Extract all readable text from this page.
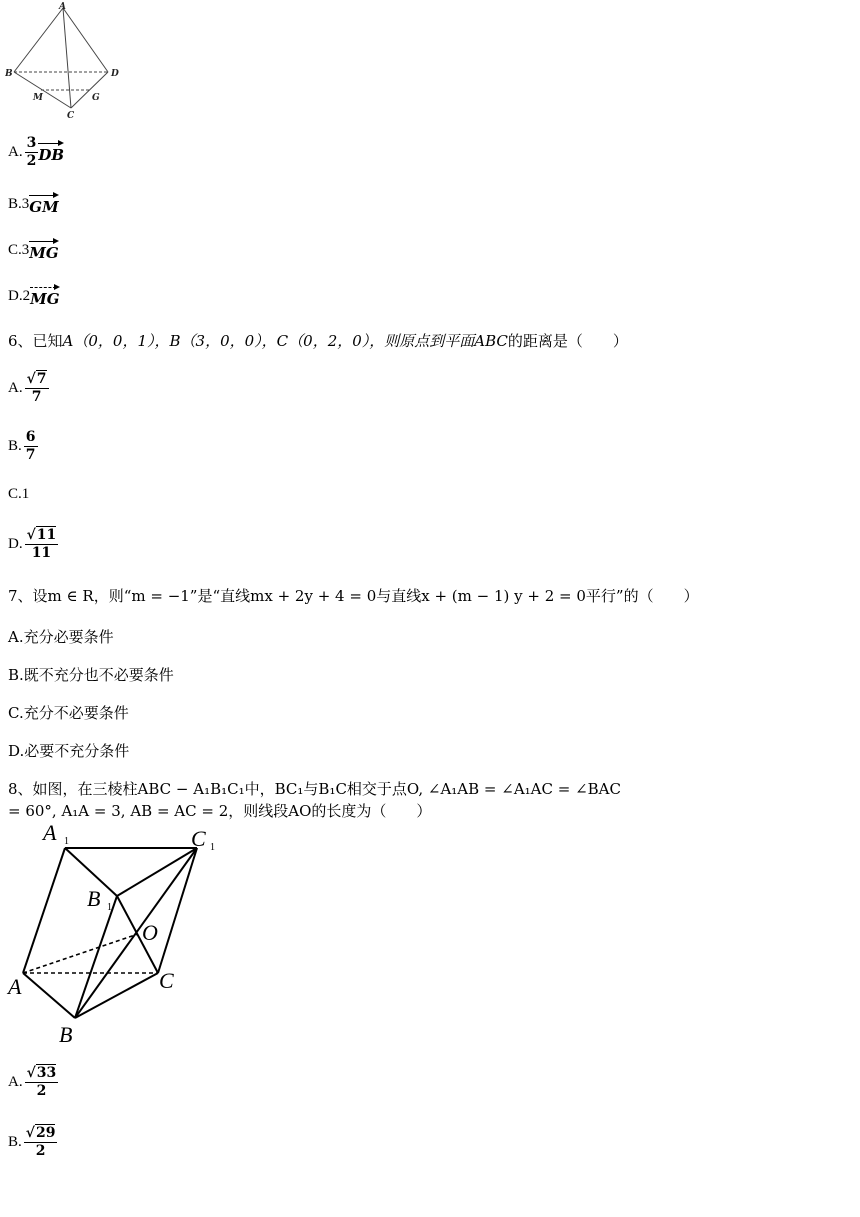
A
B	D
M	G
C
A. $\frac{3}{2}$ DB
B.3 GM
C.3 MG
D.2 MG
6、已知A（0，0，1），B（3，0，0），C（0，2，0），则原点到平面ABC的距离是（　　）
A. $\frac{√7}{7}$
B. $\frac{6}{7}$
C.1
D. $\frac{√11}{11}$
7、设m ∈ R，则“m = −1”是“直线mx + 2y + 4 = 0与直线x + (m − 1) y + 2 = 0平行”的（　　）
A.充分必要条件
B.既不充分也不必要条件
C.充分不必要条件
D.必要不充分条件
8、如图，在三棱柱ABC − A₁B₁C₁中，BC₁与B₁C相交于点O, ∠A₁AB = ∠A₁AC = ∠BAC
= 60°, A₁A = 3, AB = AC = 2，则线段AO的长度为（　　）
A	C
B
O
A	C
B
1
1
1
A. $\frac{√33}{2}$
B. $\frac{√29}{2}$
